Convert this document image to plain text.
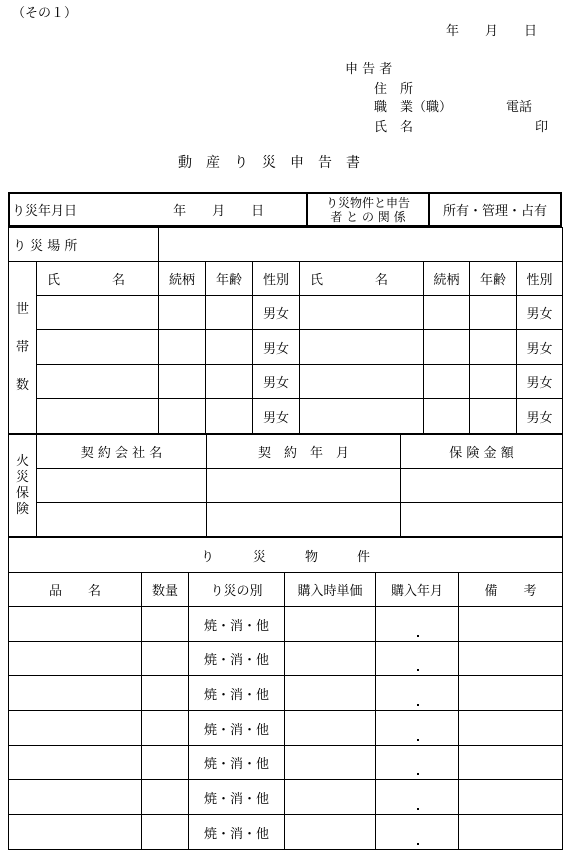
（その１）
年　　月　　日
申 告 者
住　所
職　業（職）	電話
氏　名	印
動　産　り　災　申　告　書
り災年月日	年　　月　　日	
り災物件と申告
者 と の 関 係	所有・管理・占有
り 災 場 所								

世
帯
数	氏　　　　名	続柄	年齢	性別	氏　　　　名	続柄	年齢	性別
				男女				男女
				男女				男女
				男女				男女
				男女				男女
火災保険	契 約 会 社 名	契　約　年　月	保 険 金 額

り　　　災　　　物　　　件					
品　　名	数量	り災の別	購入時単価	購入年月	備　　考
		焼・消・他		

		焼・消・他		

		焼・消・他		

		焼・消・他		

		焼・消・他		

		焼・消・他		

		焼・消・他		
